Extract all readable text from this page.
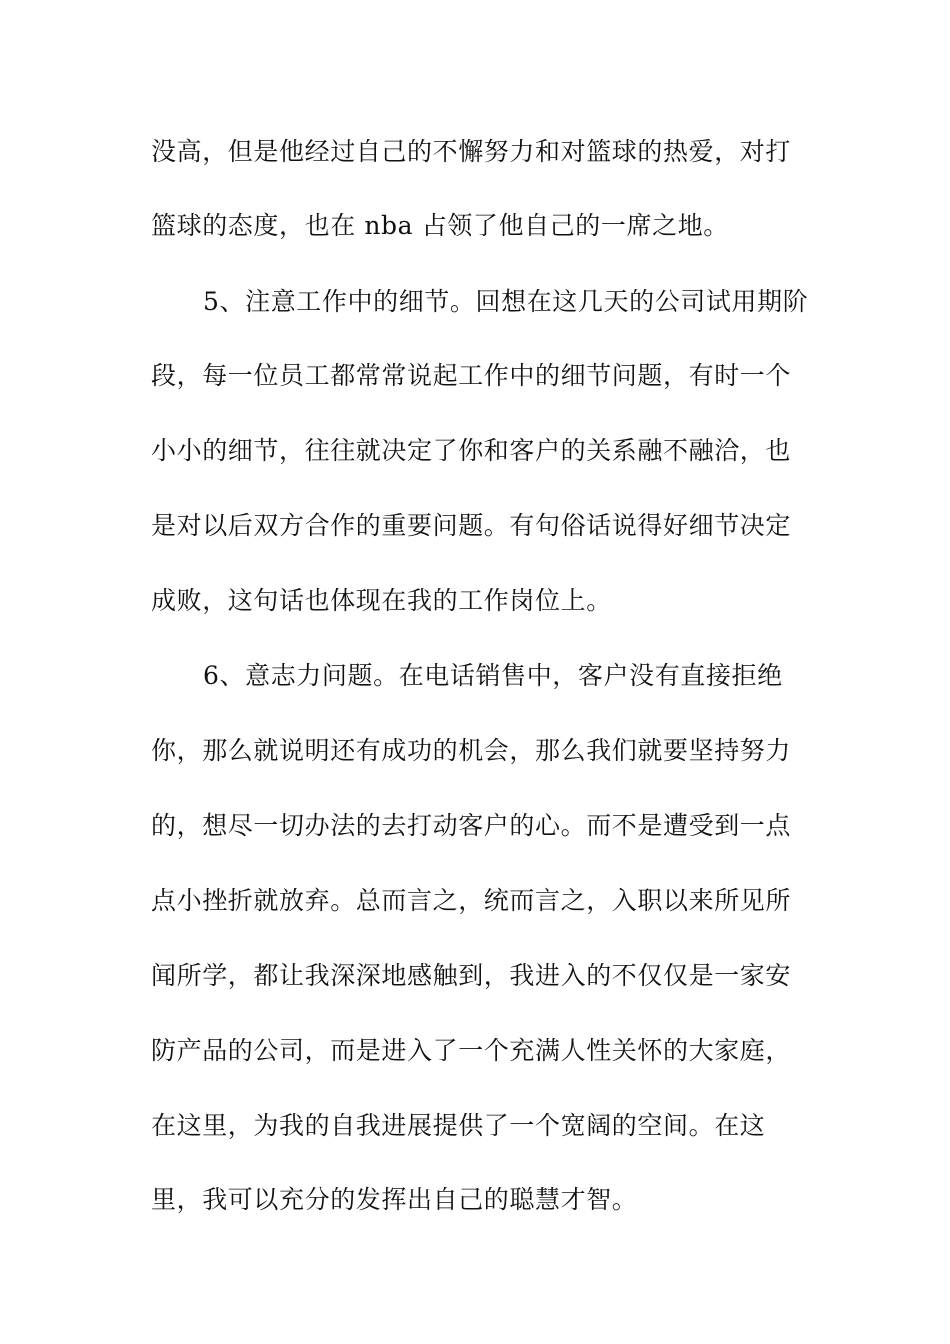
没高，但是他经过自己的不懈努力和对篮球的热爱，对打
篮球的态度，也在 nba 占领了他自己的一席之地。
5、注意工作中的细节。回想在这几天的公司试用期阶
段，每一位员工都常常说起工作中的细节问题，有时一个
小小的细节，往往就决定了你和客户的关系融不融洽，也
是对以后双方合作的重要问题。有句俗话说得好细节决定
成败，这句话也体现在我的工作岗位上。
6、意志力问题。在电话销售中，客户没有直接拒绝
你，那么就说明还有成功的机会，那么我们就要坚持努力
的，想尽一切办法的去打动客户的心。而不是遭受到一点
点小挫折就放弃。总而言之，统而言之，入职以来所见所
闻所学，都让我深深地感触到，我进入的不仅仅是一家安
防产品的公司，而是进入了一个充满人性关怀的大家庭，
在这里，为我的自我进展提供了一个宽阔的空间。在这
里，我可以充分的发挥出自己的聪慧才智。
